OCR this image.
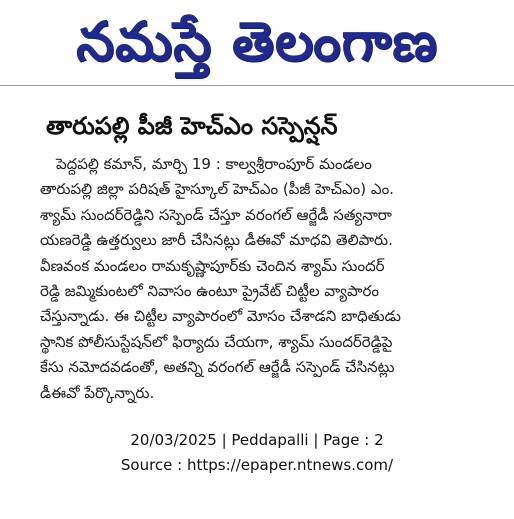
నమస్తే తెలంగాణ
తారుపల్లి పీజీ హెచ్‌ఎం సస్పెన్షన్
పెద్దపల్లి కమాన్, మార్చి 19 : కాల్వశ్రీరాంపూర్ మండలం
తారుపల్లి జిల్లా పరిషత్ హైస్కూల్ హెచ్‌ఎం (పీజీ హెచ్‌ఎం) ఎం.
శ్యామ్ సుందర్‌రెడ్డిని సస్పెండ్ చేస్తూ వరంగల్ ఆర్జేడీ సత్యనారా
యణరెడ్డి ఉత్తర్వులు జారీ చేసినట్లు డీఈవో మాధవి తెలిపారు.
వీణవంక మండలం రామకృష్ణాపూర్‌కు చెందిన శ్యామ్ సుందర్
రెడ్డి జమ్మికుంటలో నివాసం ఉంటూ ప్రైవేట్ చిట్టీల వ్యాపారం
చేస్తున్నాడు. ఈ చిట్టీల వ్యాపారంలో మోసం చేశాడని బాధితుడు
స్థానిక పోలీసుస్టేషన్‌లో ఫిర్యాదు చేయగా, శ్యామ్ సుందర్‌రెడ్డిపై
కేసు నమోదవడంతో, అతన్ని వరంగల్ ఆర్జేడీ సస్పెండ్ చేసినట్లు
డీఈవో పేర్కొన్నారు.
20/03/2025 | Peddapalli | Page : 2
Source : https://epaper.ntnews.com/
